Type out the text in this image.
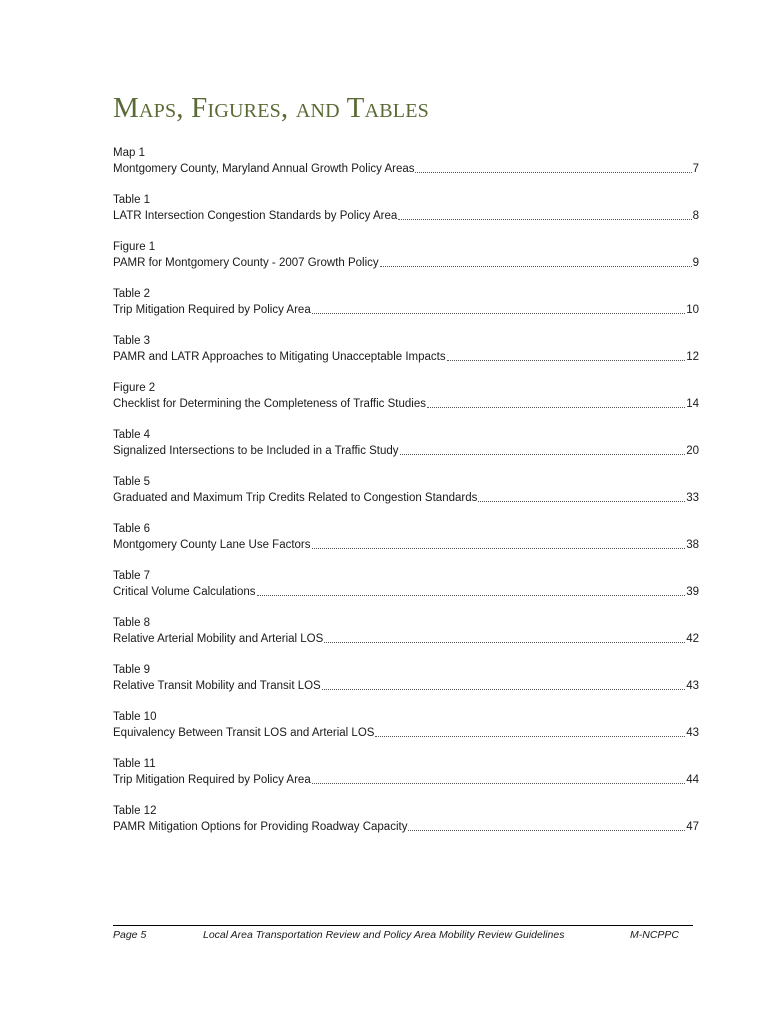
Maps, Figures, and Tables
Map 1
Montgomery County, Maryland Annual Growth Policy Areas	7
Table 1
LATR Intersection Congestion Standards by Policy Area	8
Figure 1
PAMR for Montgomery County - 2007 Growth Policy	9
Table 2
Trip Mitigation Required by Policy Area	10
Table 3
PAMR and LATR Approaches to Mitigating Unacceptable Impacts	12
Figure 2
Checklist for Determining the Completeness of Traffic Studies	14
Table 4
Signalized Intersections to be Included in a Traffic Study	20
Table 5
Graduated and Maximum Trip Credits Related to Congestion Standards	33
Table 6
Montgomery County Lane Use Factors	38
Table 7
Critical Volume Calculations	39
Table 8
Relative Arterial Mobility and Arterial LOS	42
Table 9
Relative Transit Mobility and Transit LOS	43
Table 10
Equivalency Between Transit LOS and Arterial LOS	43
Table 11
Trip Mitigation Required by Policy Area	44
Table 12
PAMR Mitigation Options for Providing Roadway Capacity	47
Page 5	Local Area Transportation Review and Policy Area Mobility Review Guidelines	M-NCPPC
